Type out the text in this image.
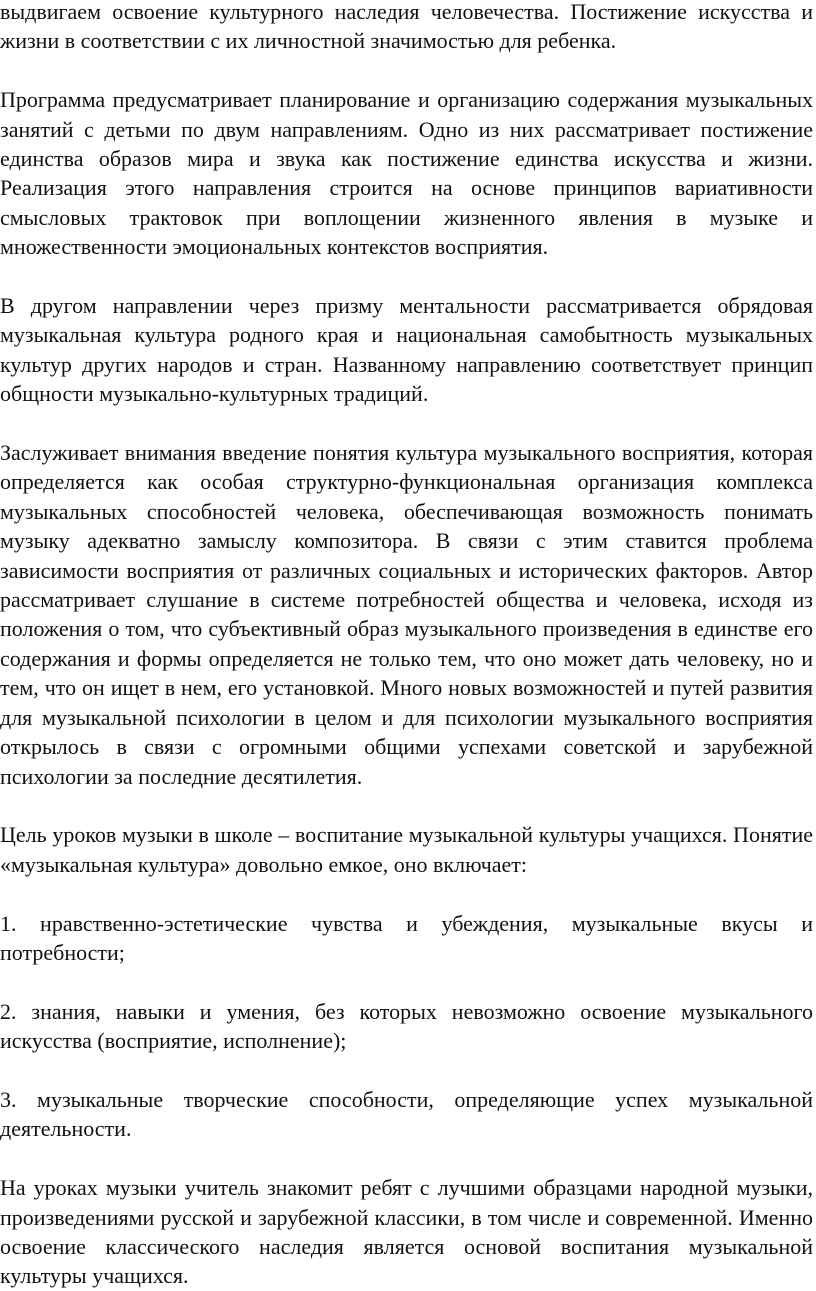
выдвигаем освоение культурного наследия человечества. Постижение искусства и жизни в соответствии с их личностной значимостью для ребенка.

Программа предусматривает планирование и организацию содержания музыкальных занятий с детьми по двум направлениям. Одно из них рассматривает постижение единства образов мира и звука как постижение единства искусства и жизни. Реализация этого направления строится на основе принципов вариативности смысловых трактовок при воплощении жизненного явления в музыке и множественности эмоциональных контекстов восприятия.

В другом направлении через призму ментальности рассматривается обрядовая музыкальная культура родного края и национальная самобытность музыкальных культур других народов и стран. Названному направлению соответствует принцип общности музыкально-культурных традиций.

Заслуживает внимания введение понятия культура музыкального восприятия, которая определяется как особая структурно-функциональная организация комплекса музыкальных способностей человека, обеспечивающая возможность понимать музыку адекватно замыслу композитора. В связи с этим ставится проблема зависимости восприятия от различных социальных и исторических факторов. Автор рассматривает слушание в системе потребностей общества и человека, исходя из положения о том, что субъективный образ музыкального произведения в единстве его содержания и формы определяется не только тем, что оно может дать человеку, но и тем, что он ищет в нем, его установкой. Много новых возможностей и путей развития для музыкальной психологии в целом и для психологии музыкального восприятия открылось в связи с огромными общими успехами советской и зарубежной психологии за последние десятилетия.

Цель уроков музыки в школе – воспитание музыкальной культуры учащихся. Понятие «музыкальная культура» довольно емкое, оно включает:

1. нравственно-эстетические чувства и убеждения, музыкальные вкусы и потребности;

2. знания, навыки и умения, без которых невозможно освоение музыкального искусства (восприятие, исполнение);

3. музыкальные творческие способности, определяющие успех музыкальной деятельности.

На уроках музыки учитель знакомит ребят с лучшими образцами народной музыки, произведениями русской и зарубежной классики, в том числе и современной. Именно освоение классического наследия является основой воспитания музыкальной культуры учащихся.
